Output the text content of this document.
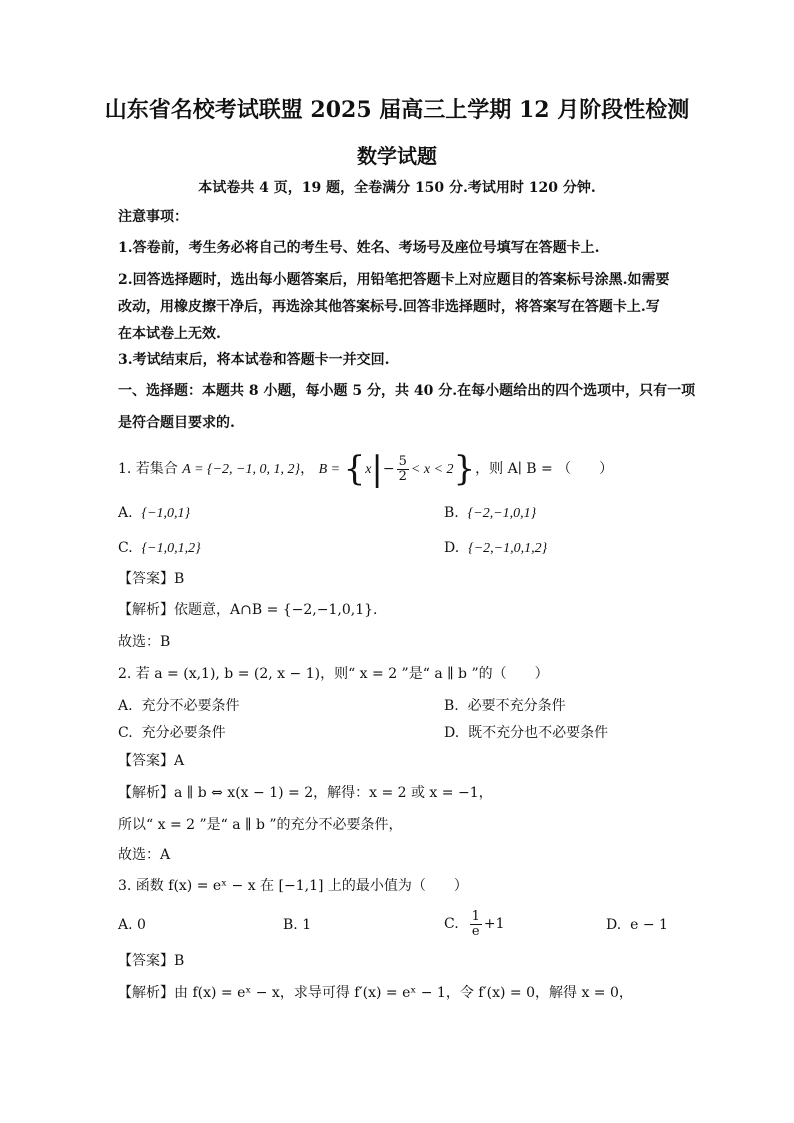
山东省名校考试联盟 2025 届高三上学期 12 月阶段性检测
数学试题
本试卷共 4 页，19 题，全卷满分 150 分.考试用时 120 分钟.
注意事项：
1.答卷前，考生务必将自己的考生号、姓名、考场号及座位号填写在答题卡上.
2.回答选择题时，选出每小题答案后，用铅笔把答题卡上对应题目的答案标号涂黑.如需要
改动，用橡皮擦干净后，再选涂其他答案标号.回答非选择题时，将答案写在答题卡上.写
在本试卷上无效.
3.考试结束后，将本试卷和答题卡一并交回.
一、选择题：本题共 8 小题，每小题 5 分，共 40 分.在每小题给出的四个选项中，只有一项
是符合题目要求的.
1. 若集合 A = {−2, −1, 0, 1, 2}， $B = \{x|- \frac{5}{2} < x < 2\}$，则 A∣ B = （　　）
A. {−1,0,1}	B. {−2,−1,0,1}
C. {−1,0,1,2}	D. {−2,−1,0,1,2}
【答案】B
【解析】依题意，A∩B = {−2,−1,0,1}.
故选：B
2. 若 a = (x,1), b = (2, x − 1)，则“ x = 2 ”是“ a ∥ b ”的（　　）
A. 充分不必要条件	B. 必要不充分条件
C. 充分必要条件	D. 既不充分也不必要条件
【答案】A
【解析】a ∥ b ⇔ x(x − 1) = 2，解得：x = 2 或 x = −1，
所以“ x = 2 ”是“ a ∥ b ”的充分不必要条件，
故选：A
3. 函数 f(x) = eˣ − x 在 [−1,1] 上的最小值为（　　）
A. 0	B. 1	C. $\frac{1}{e} +1$	D. e − 1
【答案】B
【解析】由 f(x) = eˣ − x，求导可得 f′(x) = eˣ − 1，令 f′(x) = 0，解得 x = 0，
